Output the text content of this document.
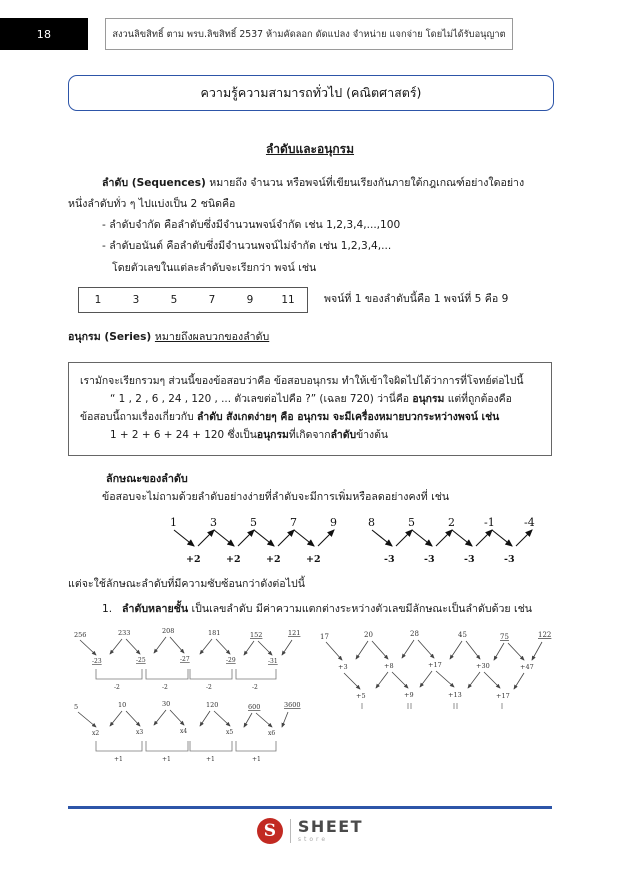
18	สงวนลิขสิทธิ์ ตาม พรบ.ลิขสิทธิ์ 2537 ห้ามคัดลอก ดัดแปลง จำหน่าย แจกจ่าย โดยไม่ได้รับอนุญาต
ความรู้ความสามารถทั่วไป (คณิตศาสตร์)
ลำดับและอนุกรม

ลำดับ (Sequences) หมายถึง จำนวน หรือพจน์ที่เขียนเรียงกันภายใต้กฎเกณฑ์อย่างใดอย่าง

หนึ่งลำดับทั่ว ๆ ไปแบ่งเป็น 2 ชนิดคือ

- ลำดับจำกัด คือลำดับซึ่งมีจำนวนพจน์จำกัด เช่น 1,2,3,4,...,100

- ลำดับอนันต์ คือลำดับซึ่งมีจำนวนพจน์ไม่จำกัด เช่น 1,2,3,4,...

โดยตัวเลขในแต่ละลำดับจะเรียกว่า พจน์ เช่น

1	3	5	7	9	11	พจน์ที่ 1 ของลำดับนี้คือ 1 พจน์ที่ 5 คือ 9

อนุกรม (Series) หมายถึงผลบวกของลำดับ

เรามักจะเรียกรวมๆ ส่วนนี้ของข้อสอบว่าคือ ข้อสอบอนุกรม ทำให้เข้าใจผิดไปได้ว่าการที่โจทย์ต่อไปนี้

“ 1 , 2 , 6 , 24 , 120 , ... ตัวเลขต่อไปคือ ?” (เฉลย 720) ว่านี่คือ อนุกรม แต่ที่ถูกต้องคือ

ข้อสอบนี้ถามเรื่องเกี่ยวกับ ลำดับ สังเกตง่ายๆ คือ อนุกรม จะมีเครื่องหมายบวกระหว่างพจน์ เช่น

1 + 2 + 6 + 24 + 120 ซึ่งเป็นอนุกรมที่เกิดจากลำดับข้างต้น

ลักษณะของลำดับ

ข้อสอบจะไม่ถามด้วยลำดับอย่างง่ายที่ลำดับจะมีการเพิ่มหรือลดอย่างคงที่ เช่น

1	3	5	7	9
+2	+2	+2	+2
8	5	2	-1	-4
-3	-3	-3	-3

แต่จะใช้ลักษณะลำดับที่มีความซับซ้อนกว่าดังต่อไปนี้

1. ลำดับหลายชั้น เป็นเลขลำดับ มีค่าความแตกต่างระหว่างตัวเลขมีลักษณะเป็นลำดับด้วย เช่น
256	233	208	181	152	121
-23	-25	-27	-29	-31
-2	-2	-2	-2
5	10	30	120	600	3600
x2	x3	x4	x5	x6
+1	+1	+1	+1
17	20	28	45	75	122
+3	+8	+17	+30	+47
+5	+9	+13	+17
S SHEET
store
